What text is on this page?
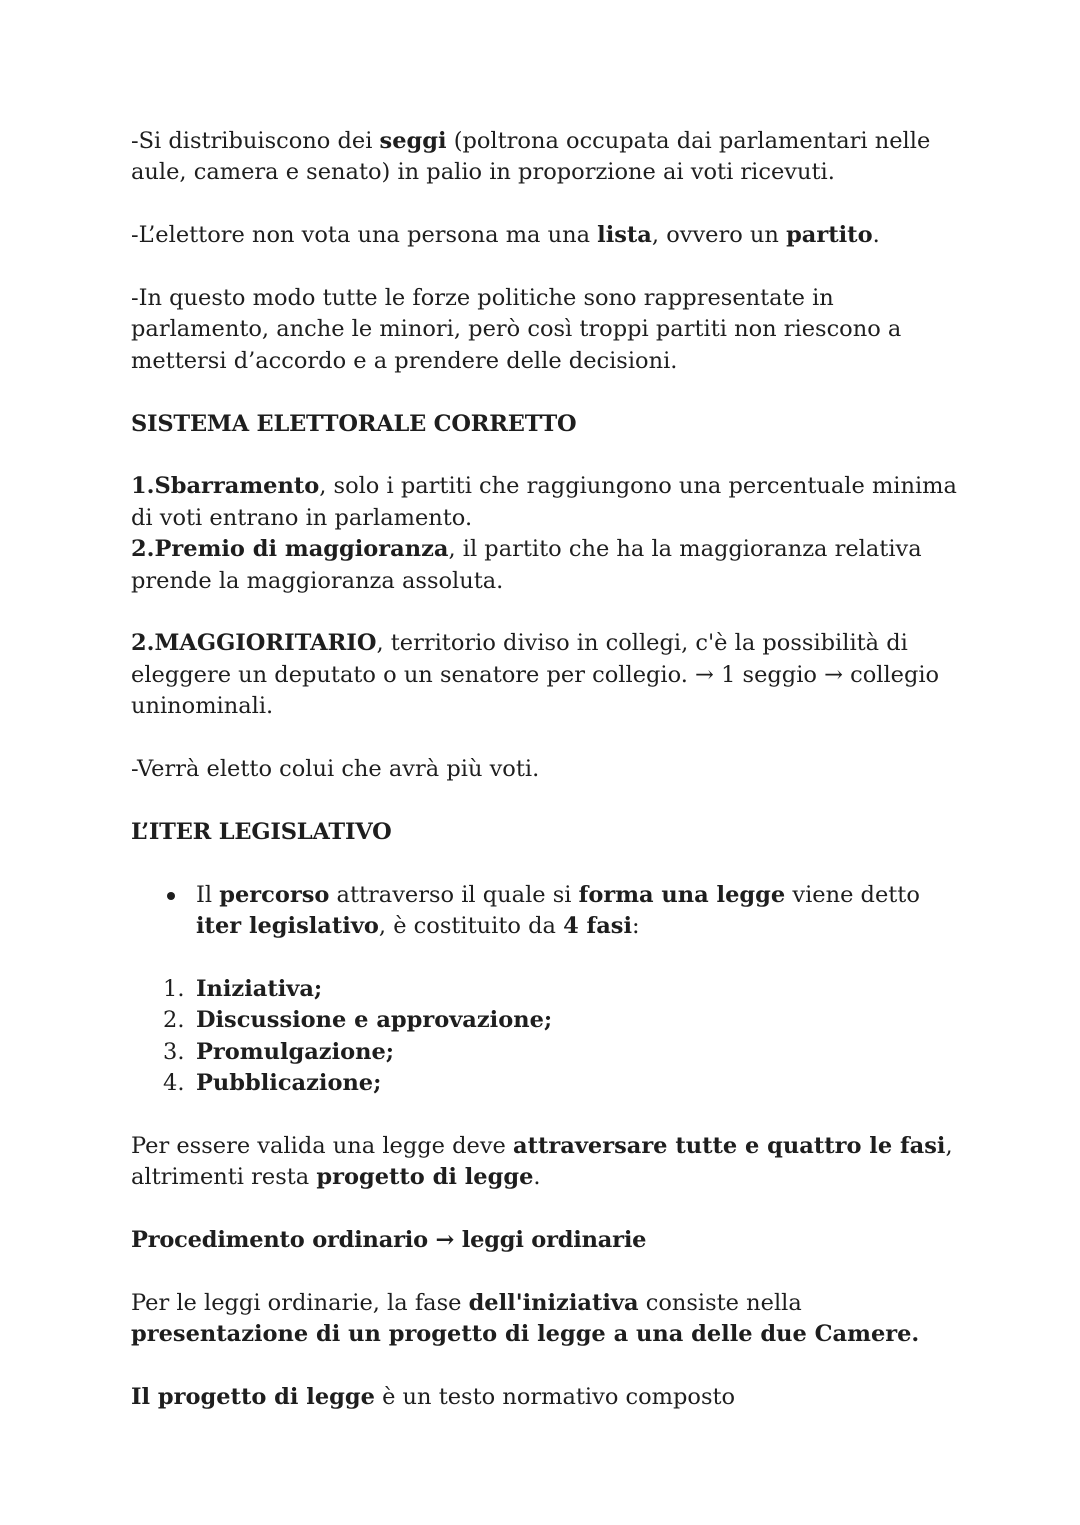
-Si distribuiscono dei seggi (poltrona occupata dai parlamentari nelle aule, camera e senato) in palio in proporzione ai voti ricevuti.

-L’elettore non vota una persona ma una lista, ovvero un partito.

-In questo modo tutte le forze politiche sono rappresentate in parlamento, anche le minori, però così troppi partiti non riescono a mettersi d’accordo e a prendere delle decisioni.

SISTEMA ELETTORALE CORRETTO

1.Sbarramento, solo i partiti che raggiungono una percentuale minima di voti entrano in parlamento.
2.Premio di maggioranza, il partito che ha la maggioranza relativa prende la maggioranza assoluta.

2.MAGGIORITARIO, territorio diviso in collegi, c'è la possibilità di eleggere un deputato o un senatore per collegio. → 1 seggio → collegio uninominali.

-Verrà eletto colui che avrà più voti.

L’ITER LEGISLATIVO
Il percorso attraverso il quale si forma una legge viene detto iter legislativo, è costituito da 4 fasi:
1. Iniziativa;
2. Discussione e approvazione;
3. Promulgazione;
4. Pubblicazione;

Per essere valida una legge deve attraversare tutte e quattro le fasi, altrimenti resta progetto di legge.

Procedimento ordinario → leggi ordinarie

Per le leggi ordinarie, la fase dell'iniziativa consiste nella presentazione di un progetto di legge a una delle due Camere.

Il progetto di legge è un testo normativo composto
